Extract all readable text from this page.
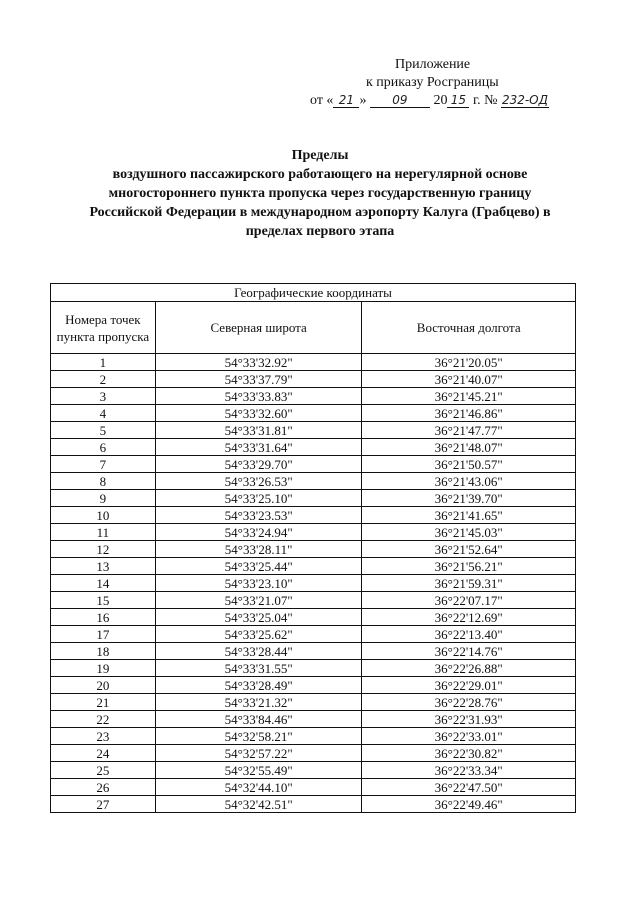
Приложение
к приказу Росграницы
от « 21 » 09 20 15 г. № 232-ОД
Пределы
воздушного пассажирского работающего на нерегулярной основе
многостороннего пункта пропуска через государственную границу
Российской Федерации в международном аэропорту Калуга (Грабцево) в
пределах первого этапа
Географические координаты		
Номера точек пункта пропуска	Северная широта	Восточная долгота
1	54°33'32.92"	36°21'20.05"
2	54°33'37.79"	36°21'40.07"
3	54°33'33.83"	36°21'45.21"
4	54°33'32.60"	36°21'46.86"
5	54°33'31.81"	36°21'47.77"
6	54°33'31.64"	36°21'48.07"
7	54°33'29.70"	36°21'50.57"
8	54°33'26.53"	36°21'43.06"
9	54°33'25.10"	36°21'39.70"
10	54°33'23.53"	36°21'41.65"
11	54°33'24.94"	36°21'45.03"
12	54°33'28.11"	36°21'52.64"
13	54°33'25.44"	36°21'56.21"
14	54°33'23.10"	36°21'59.31"
15	54°33'21.07"	36°22'07.17"
16	54°33'25.04"	36°22'12.69"
17	54°33'25.62"	36°22'13.40"
18	54°33'28.44"	36°22'14.76"
19	54°33'31.55"	36°22'26.88"
20	54°33'28.49"	36°22'29.01"
21	54°33'21.32"	36°22'28.76"
22	54°33'84.46"	36°22'31.93"
23	54°32'58.21"	36°22'33.01"
24	54°32'57.22"	36°22'30.82"
25	54°32'55.49"	36°22'33.34"
26	54°32'44.10"	36°22'47.50"
27	54°32'42.51"	36°22'49.46"
